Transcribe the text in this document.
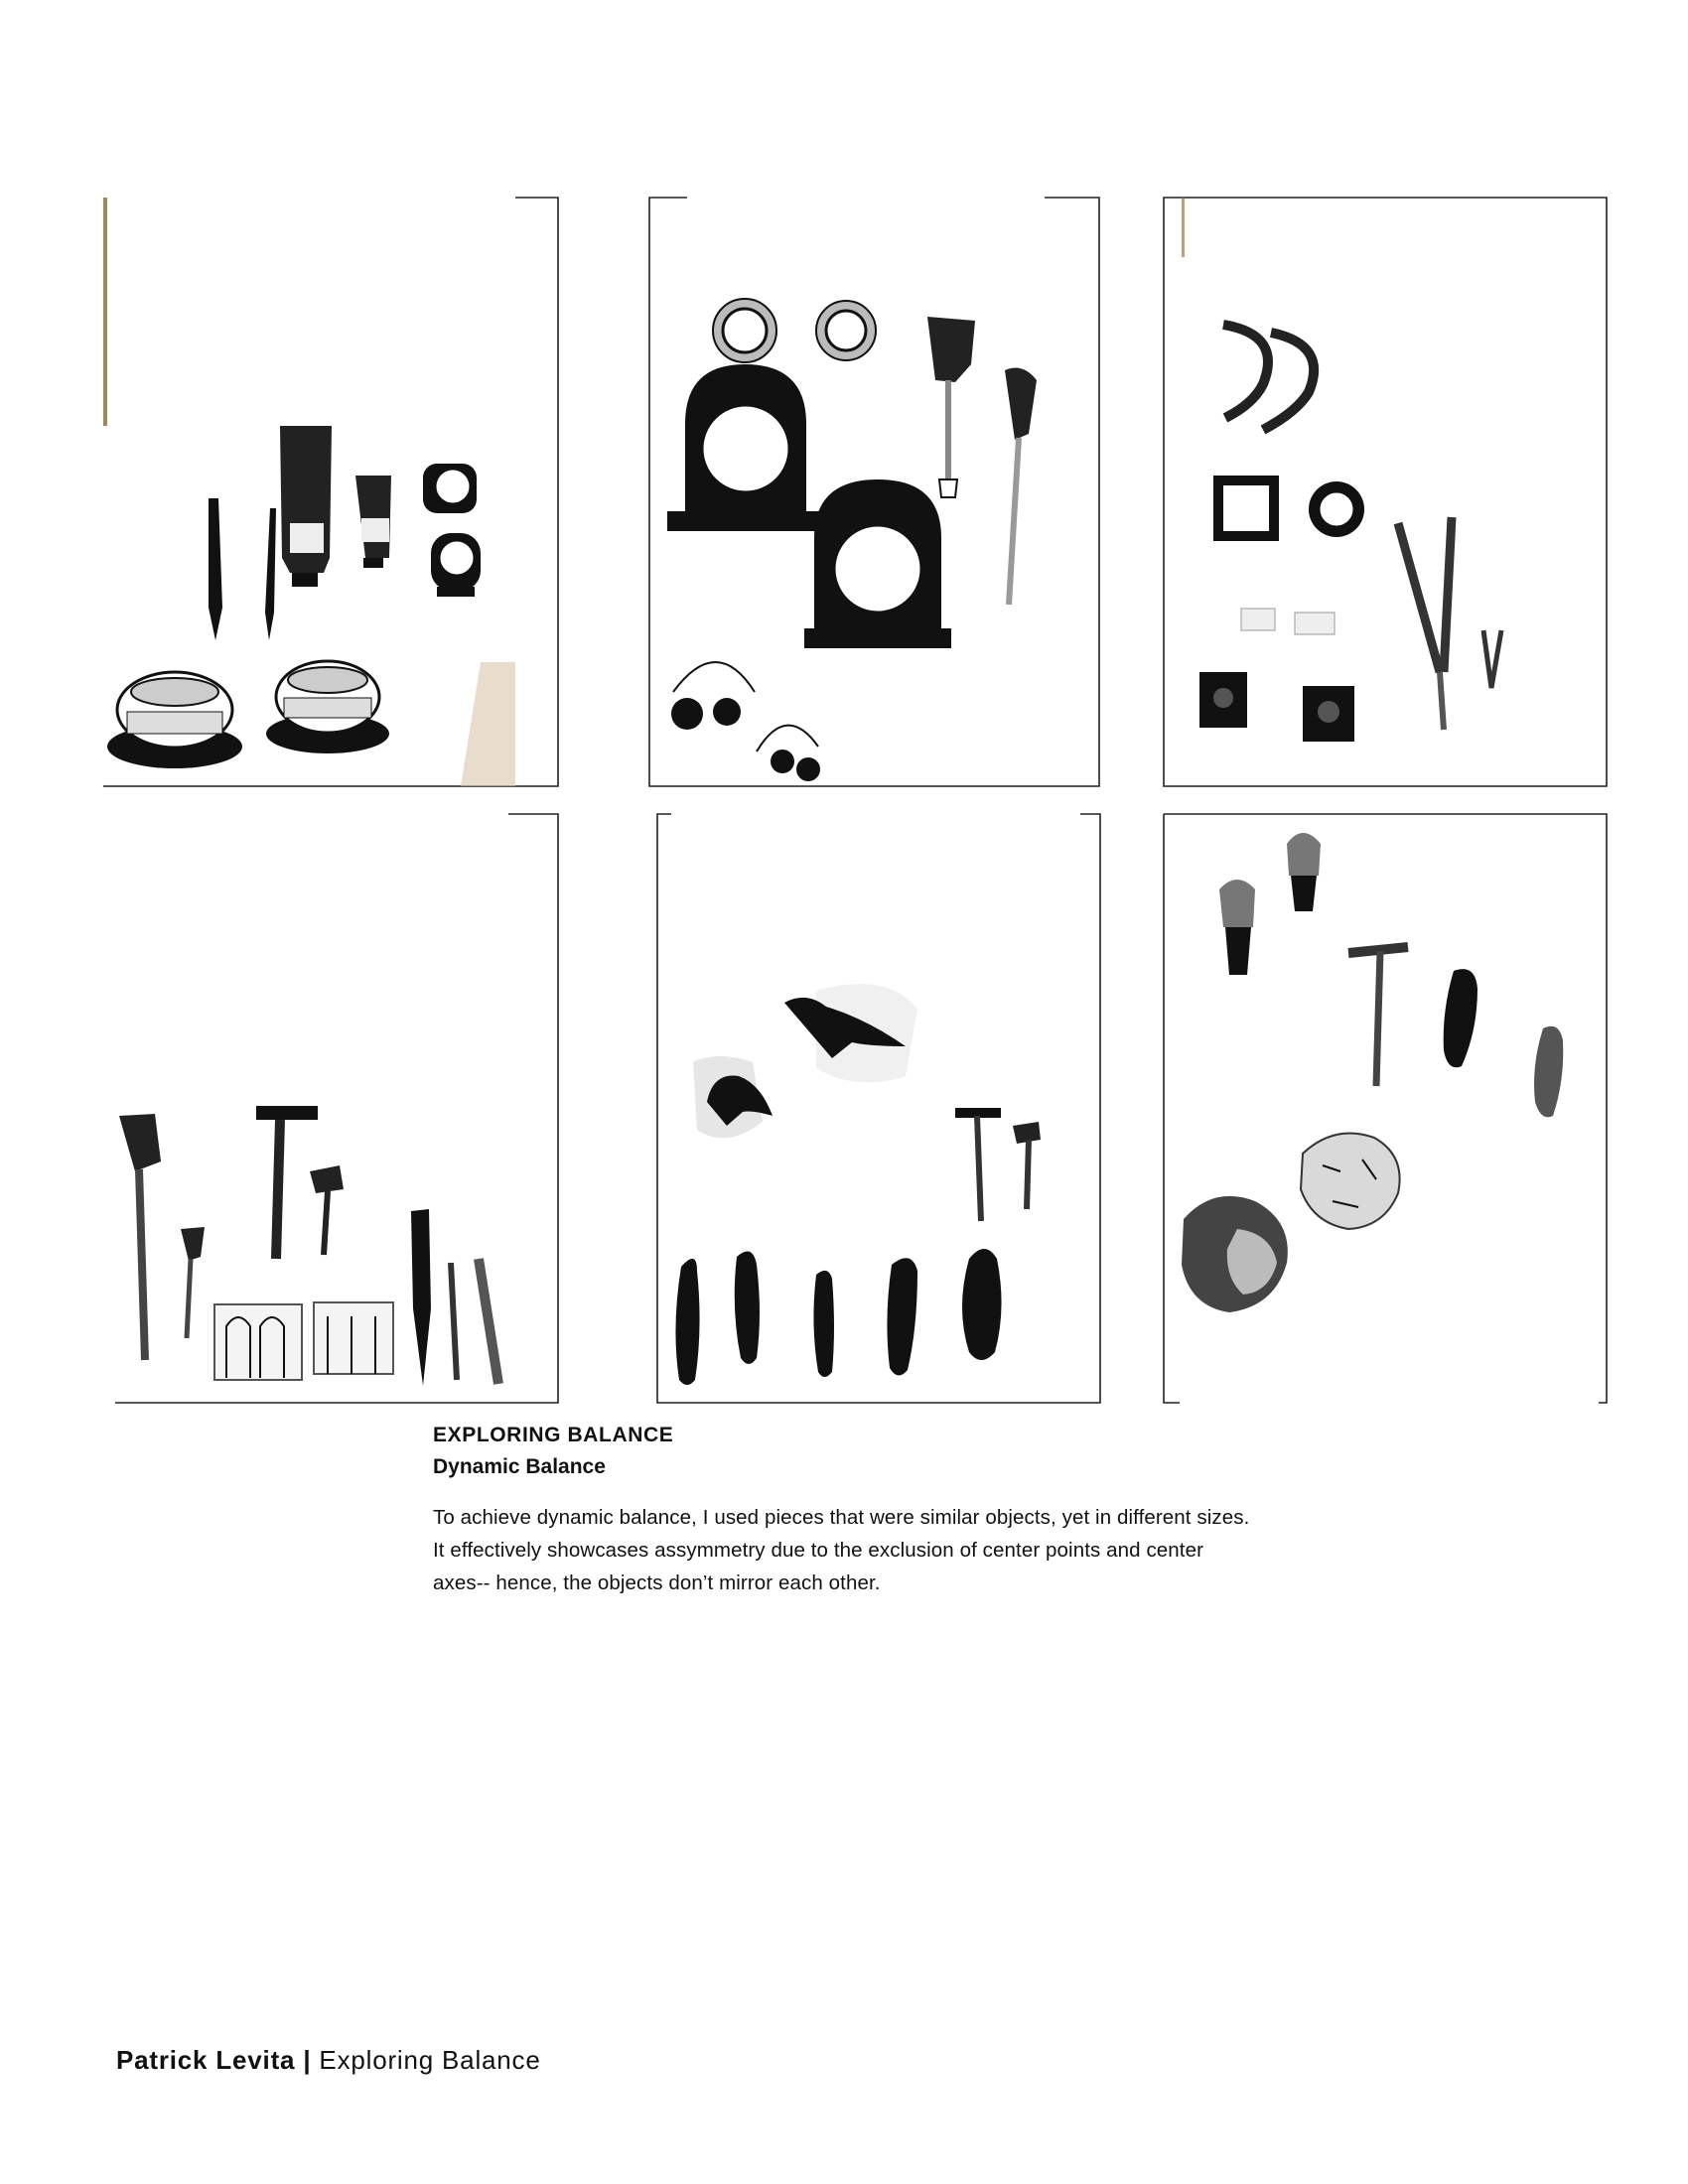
EXPLORING BALANCE

Dynamic Balance

To achieve dynamic balance, I used pieces that were similar objects, yet in different sizes.
It effectively showcases assymmetry due to the exclusion of center points and center
axes-- hence, the objects don’t mirror each other.

Patrick Levita | Exploring Balance
